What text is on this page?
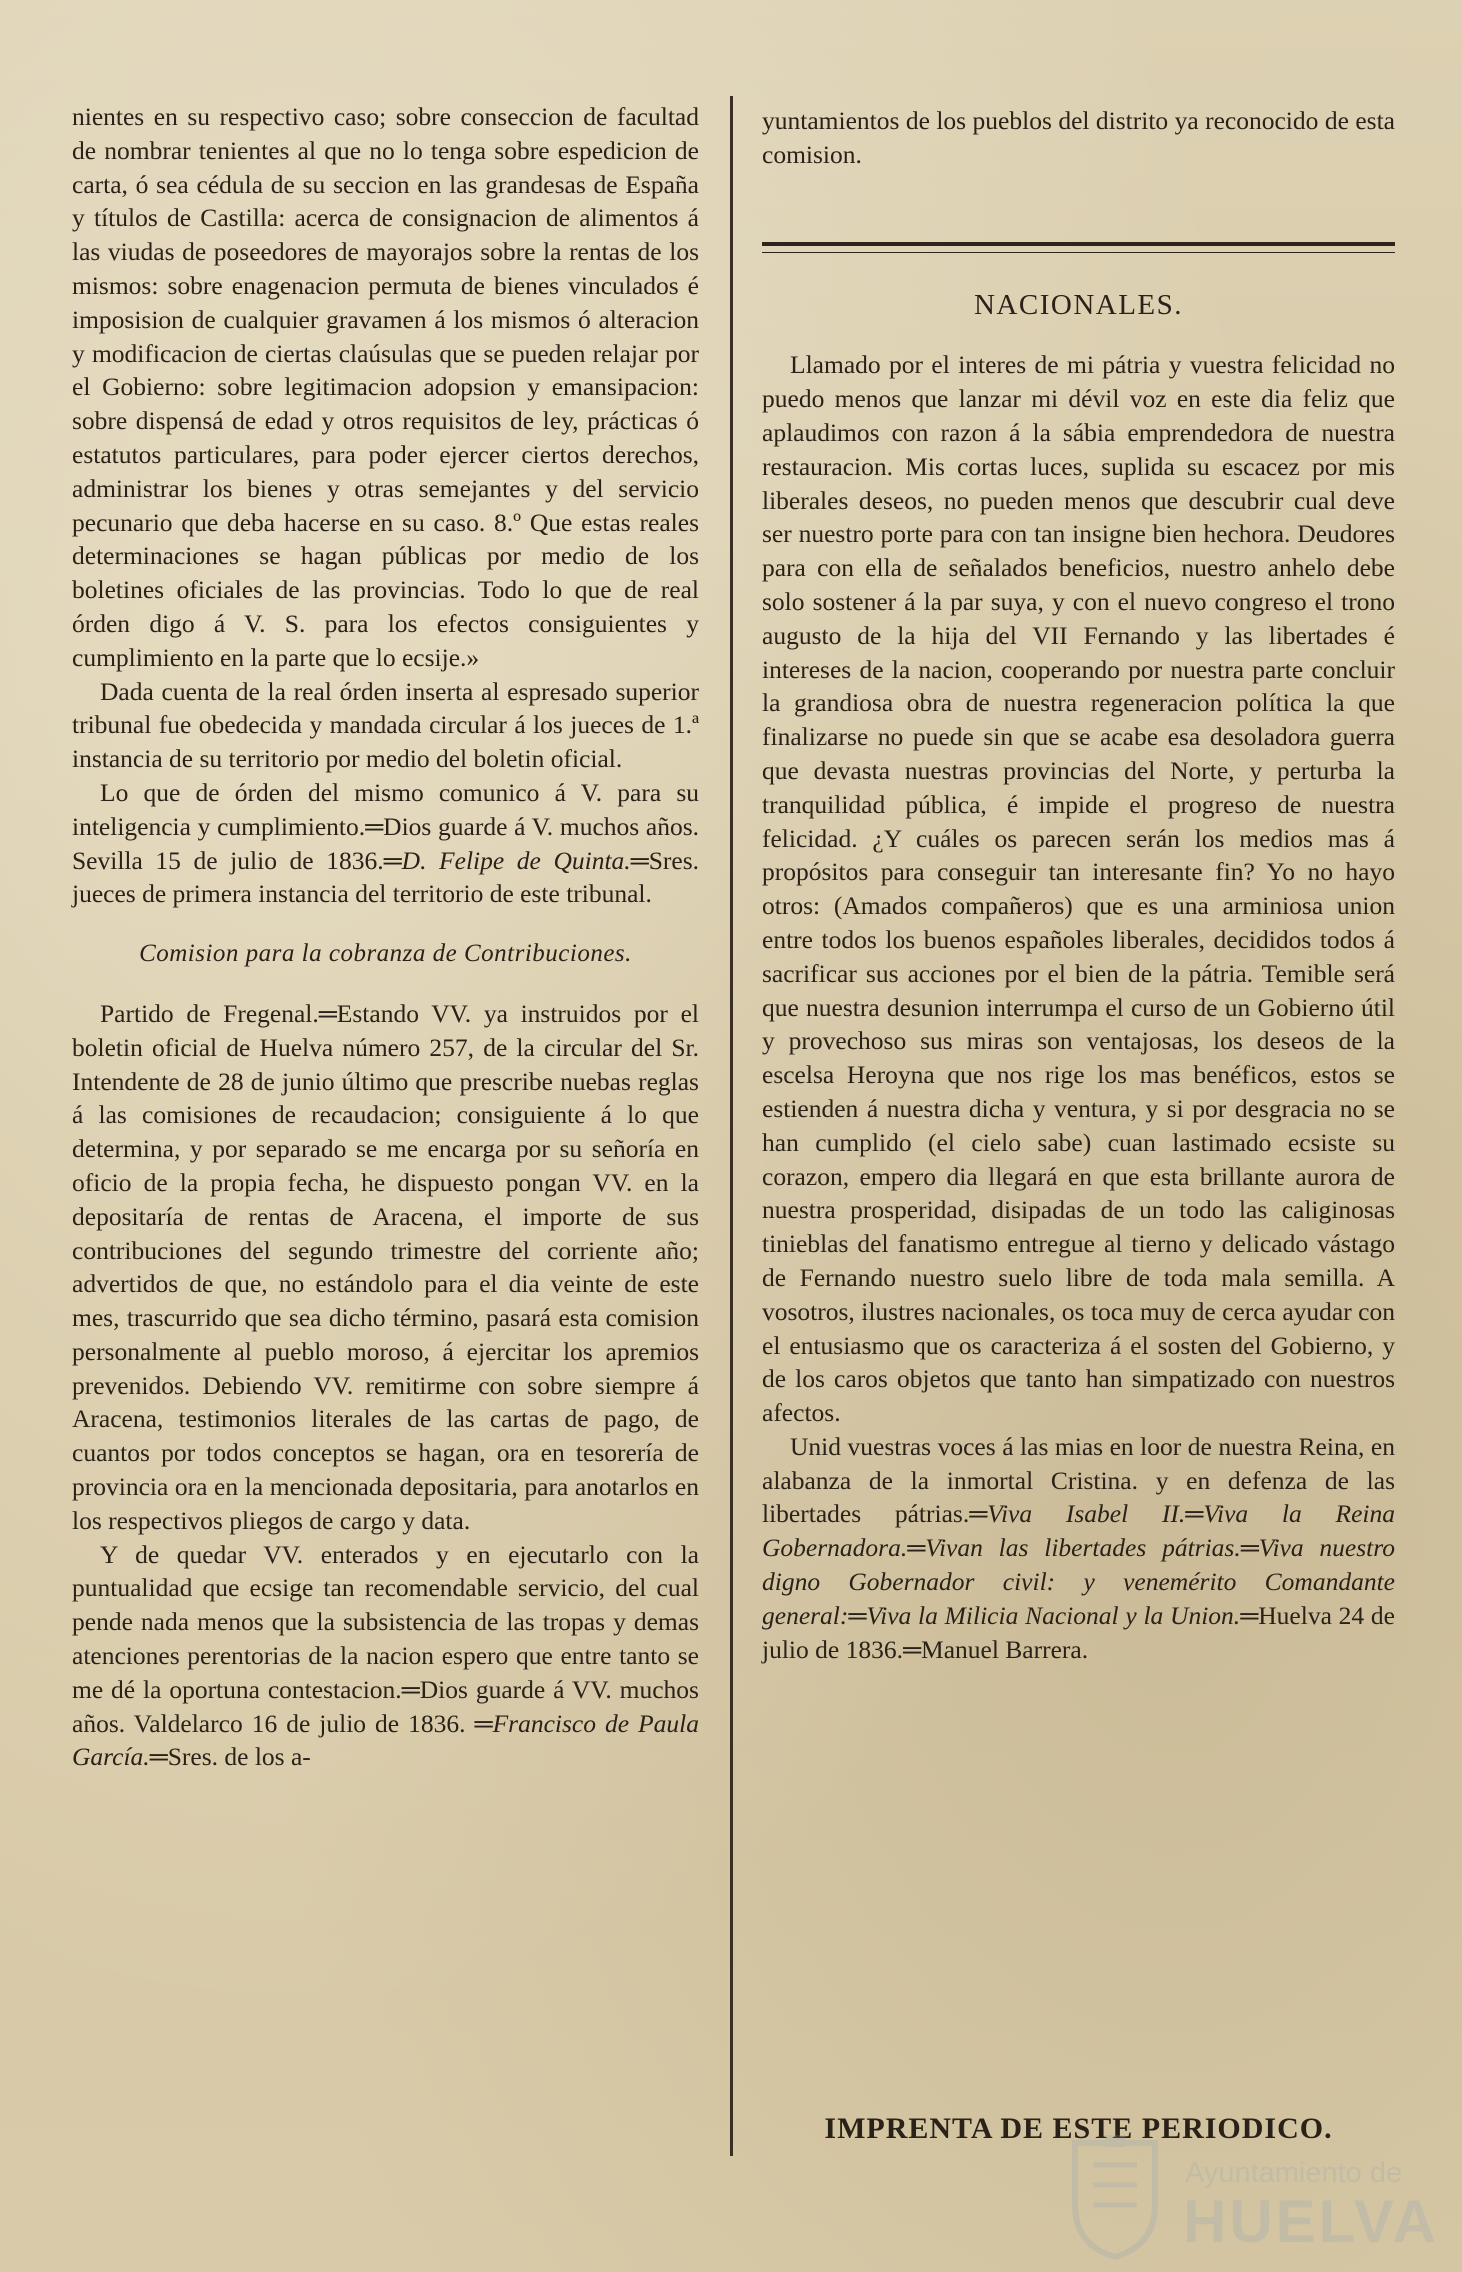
nientes en su respectivo caso; sobre conseccion de facultad de nombrar tenientes al que no lo tenga sobre espedicion de carta, ó sea cédula de su seccion en las grandesas de España y títulos de Castilla: acerca de consignacion de alimentos á las viudas de poseedores de mayorajos sobre la rentas de los mismos: sobre enagenacion permuta de bienes vinculados é imposision de cualquier gravamen á los mismos ó alteracion y modificacion de ciertas claúsulas que se pueden relajar por el Gobierno: sobre legitimacion adopsion y emansipacion: sobre dispensá de edad y otros requisitos de ley, prácticas ó estatutos particulares, para poder ejercer ciertos derechos, administrar los bienes y otras semejantes y del servicio pecunario que deba hacerse en su caso. 8.º Que estas reales determinaciones se hagan públicas por medio de los boletines oficiales de las provincias. Todo lo que de real órden digo á V. S. para los efectos consiguientes y cumplimiento en la parte que lo ecsije.»

Dada cuenta de la real órden inserta al espresado superior tribunal fue obedecida y mandada circular á los jueces de 1.ª instancia de su territorio por medio del boletin oficial.

Lo que de órden del mismo comunico á V. para su inteligencia y cumplimiento.═Dios guarde á V. muchos años. Sevilla 15 de julio de 1836.═D. Felipe de Quinta.═Sres. jueces de primera instancia del territorio de este tribunal.

Comision para la cobranza de Contribuciones.

Partido de Fregenal.═Estando VV. ya instruidos por el boletin oficial de Huelva número 257, de la circular del Sr. Intendente de 28 de junio último que prescribe nuebas reglas á las comisiones de recaudacion; consiguiente á lo que determina, y por separado se me encarga por su señoría en oficio de la propia fecha, he dispuesto pongan VV. en la depositaría de rentas de Aracena, el importe de sus contribuciones del segundo trimestre del corriente año; advertidos de que, no estándolo para el dia veinte de este mes, trascurrido que sea dicho término, pasará esta comision personalmente al pueblo moroso, á ejercitar los apremios prevenidos. Debiendo VV. remitirme con sobre siempre á Aracena, testimonios literales de las cartas de pago, de cuantos por todos conceptos se hagan, ora en tesorería de provincia ora en la mencionada depositaria, para anotarlos en los respectivos pliegos de cargo y data.

Y de quedar VV. enterados y en ejecutarlo con la puntualidad que ecsige tan recomendable servicio, del cual pende nada menos que la subsistencia de las tropas y demas atenciones perentorias de la nacion espero que entre tanto se me dé la oportuna contestacion.═Dios guarde á VV. muchos años. Valdelarco 16 de julio de 1836. ═Francisco de Paula García.═Sres. de los a-

yuntamientos de los pueblos del distrito ya reconocido de esta comision.

NACIONALES.

Llamado por el interes de mi pátria y vuestra felicidad no puedo menos que lanzar mi dévil voz en este dia feliz que aplaudimos con razon á la sábia emprendedora de nuestra restauracion. Mis cortas luces, suplida su escacez por mis liberales deseos, no pueden menos que descubrir cual deve ser nuestro porte para con tan insigne bien hechora. Deudores para con ella de señalados beneficios, nuestro anhelo debe solo sostener á la par suya, y con el nuevo congreso el trono augusto de la hija del VII Fernando y las libertades é intereses de la nacion, cooperando por nuestra parte concluir la grandiosa obra de nuestra regeneracion política la que finalizarse no puede sin que se acabe esa desoladora guerra que devasta nuestras provincias del Norte, y perturba la tranquilidad pública, é impide el progreso de nuestra felicidad. ¿Y cuáles os parecen serán los medios mas á propósitos para conseguir tan interesante fin? Yo no hayo otros: (Amados compañeros) que es una arminiosa union entre todos los buenos españoles liberales, decididos todos á sacrificar sus acciones por el bien de la pátria. Temible será que nuestra desunion interrumpa el curso de un Gobierno útil y provechoso sus miras son ventajosas, los deseos de la escelsa Heroyna que nos rige los mas benéficos, estos se estienden á nuestra dicha y ventura, y si por desgracia no se han cumplido (el cielo sabe) cuan lastimado ecsiste su corazon, empero dia llegará en que esta brillante aurora de nuestra prosperidad, disipadas de un todo las caliginosas tinieblas del fanatismo entregue al tierno y delicado vástago de Fernando nuestro suelo libre de toda mala semilla. A vosotros, ilustres nacionales, os toca muy de cerca ayudar con el entusiasmo que os caracteriza á el sosten del Gobierno, y de los caros objetos que tanto han simpatizado con nuestros afectos.

Unid vuestras voces á las mias en loor de nuestra Reina, en alabanza de la inmortal Cristina. y en defenza de las libertades pátrias.═Viva Isabel II.═Viva la Reina Gobernadora.═Vivan las libertades pátrias.═Viva nuestro digno Gobernador civil: y venemérito Comandante general:═Viva la Milicia Nacional y la Union.═Huelva 24 de julio de 1836.═Manuel Barrera.

IMPRENTA DE ESTE PERIODICO.
Ayuntamiento de
HUELVA
